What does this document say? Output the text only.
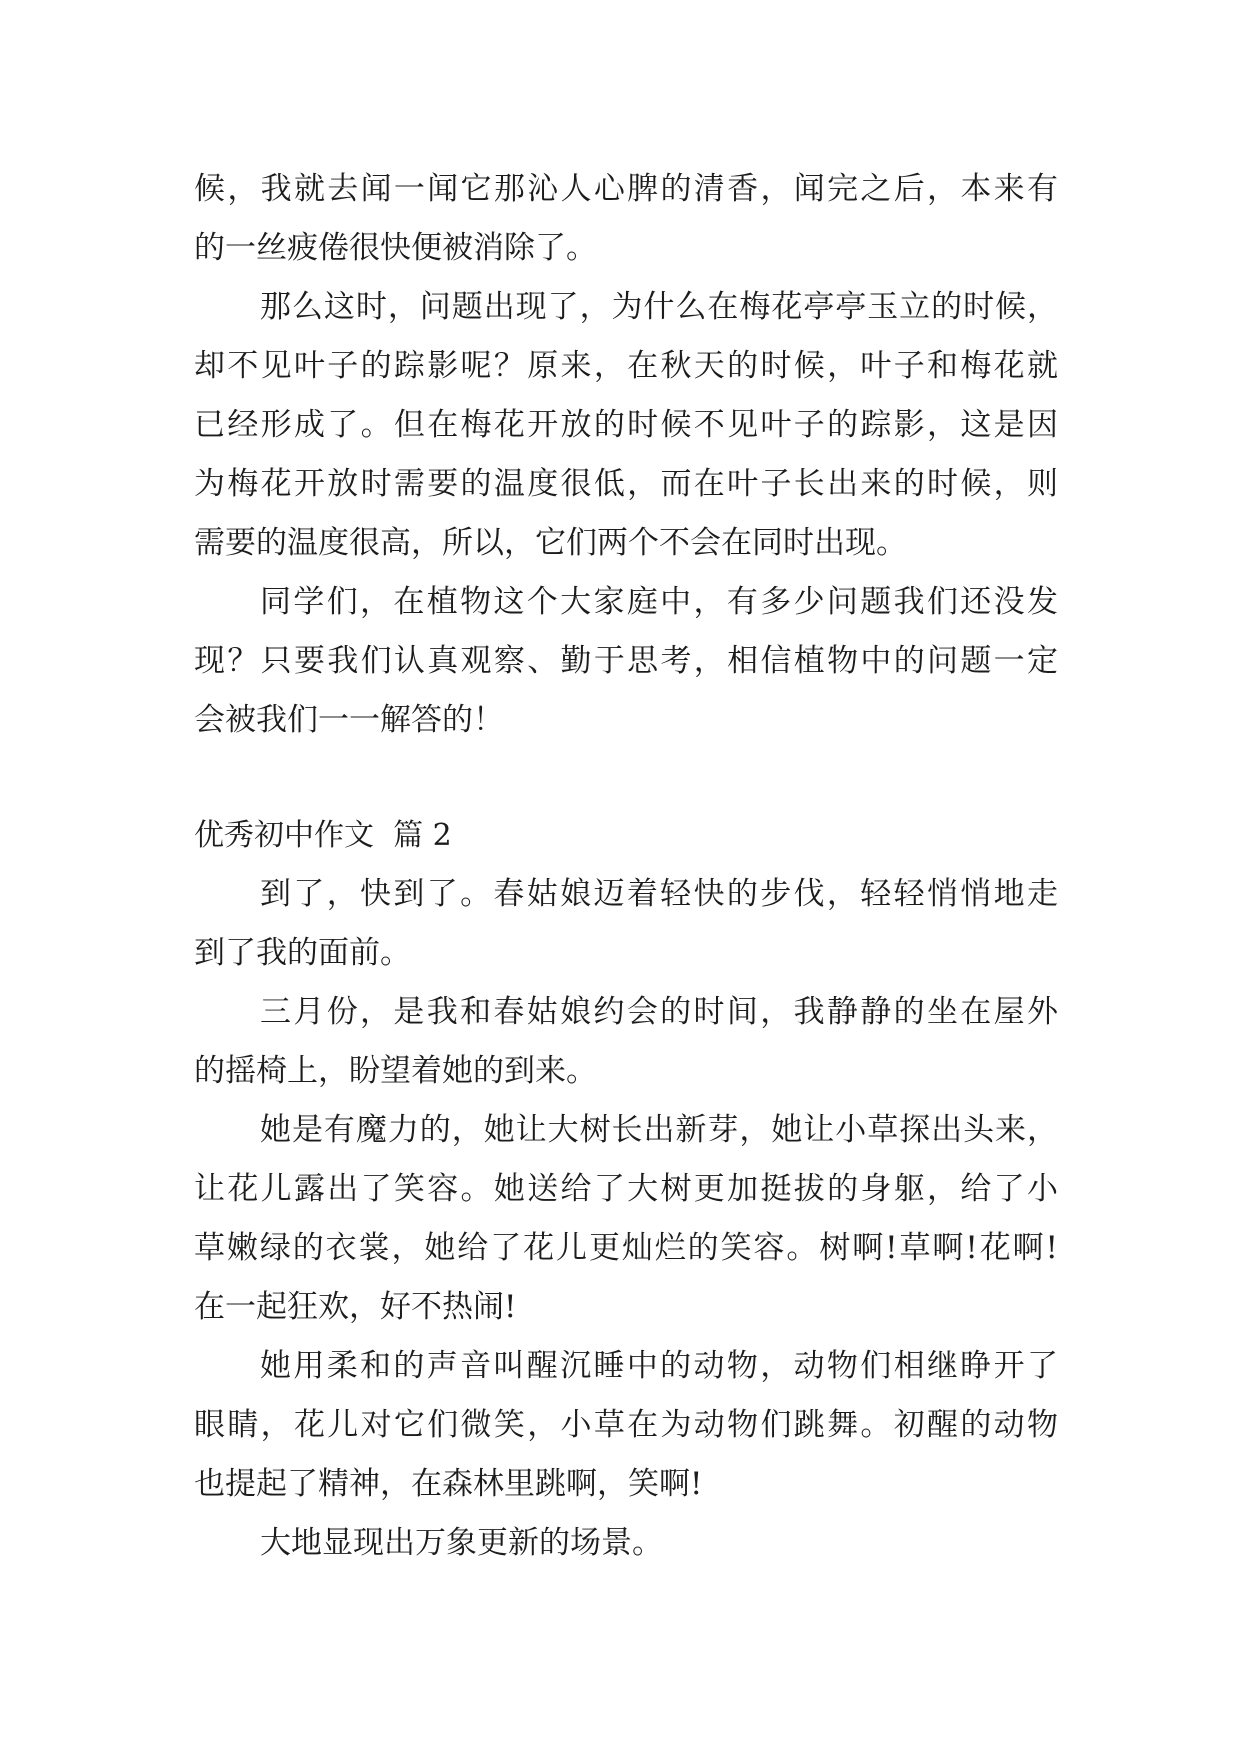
候，我就去闻一闻它那沁人心脾的清香，闻完之后，本来有
的一丝疲倦很快便被消除了。
那么这时，问题出现了，为什么在梅花亭亭玉立的时候，
却不见叶子的踪影呢？原来，在秋天的时候，叶子和梅花就
已经形成了。但在梅花开放的时候不见叶子的踪影，这是因
为梅花开放时需要的温度很低，而在叶子长出来的时候，则
需要的温度很高，所以，它们两个不会在同时出现。
同学们，在植物这个大家庭中，有多少问题我们还没发
现？只要我们认真观察、勤于思考，相信植物中的问题一定
会被我们一一解答的！
优秀初中作文  篇 2
到了，快到了。春姑娘迈着轻快的步伐，轻轻悄悄地走
到了我的面前。
三月份，是我和春姑娘约会的时间，我静静的坐在屋外
的摇椅上，盼望着她的到来。
她是有魔力的，她让大树长出新芽，她让小草探出头来，
让花儿露出了笑容。她送给了大树更加挺拔的身躯，给了小
草嫩绿的衣裳，她给了花儿更灿烂的笑容。树啊!草啊!花啊!
在一起狂欢，好不热闹!
她用柔和的声音叫醒沉睡中的动物，动物们相继睁开了
眼睛，花儿对它们微笑，小草在为动物们跳舞。初醒的动物
也提起了精神，在森林里跳啊，笑啊!
大地显现出万象更新的场景。
